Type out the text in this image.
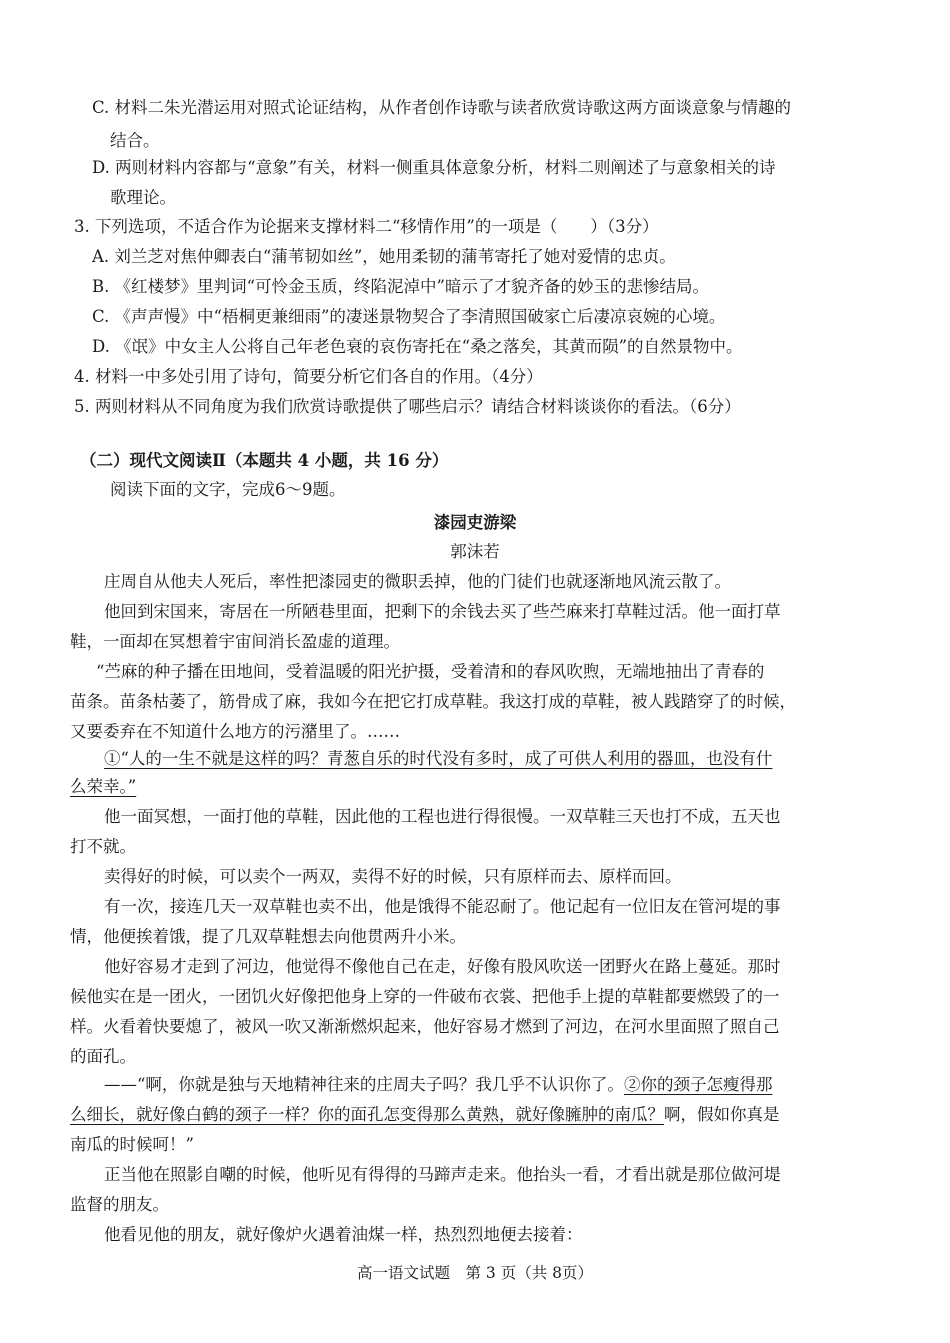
C. 材料二朱光潜运用对照式论证结构，从作者创作诗歌与读者欣赏诗歌这两方面谈意象与情趣的
结合。
D. 两则材料内容都与“意象”有关，材料一侧重具体意象分析，材料二则阐述了与意象相关的诗
歌理论。
3. 下列选项，不适合作为论据来支撑材料二“移情作用”的一项是（　　）（3分）
A. 刘兰芝对焦仲卿表白“蒲苇韧如丝”，她用柔韧的蒲苇寄托了她对爱情的忠贞。
B. 《红楼梦》里判词“可怜金玉质，终陷泥淖中”暗示了才貌齐备的妙玉的悲惨结局。
C. 《声声慢》中“梧桐更兼细雨”的凄迷景物契合了李清照国破家亡后凄凉哀婉的心境。
D. 《氓》中女主人公将自己年老色衰的哀伤寄托在“桑之落矣，其黄而陨”的自然景物中。
4. 材料一中多处引用了诗句，简要分析它们各自的作用。（4分）
5. 两则材料从不同角度为我们欣赏诗歌提供了哪些启示？请结合材料谈谈你的看法。（6分）
（二）现代文阅读Ⅱ（本题共 4 小题，共 16 分）
阅读下面的文字，完成6～9题。
漆园吏游梁
郭沫若
庄周自从他夫人死后，率性把漆园吏的微职丢掉，他的门徒们也就逐渐地风流云散了。
他回到宋国来，寄居在一所陋巷里面，把剩下的余钱去买了些苎麻来打草鞋过活。他一面打草
鞋，一面却在冥想着宇宙间消长盈虚的道理。
“苎麻的种子播在田地间，受着温暖的阳光护摄，受着清和的春风吹煦，无端地抽出了青春的
苗条。苗条枯萎了，筋骨成了麻，我如今在把它打成草鞋。我这打成的草鞋，被人践踏穿了的时候，
又要委弃在不知道什么地方的污潴里了。……
①“人的一生不就是这样的吗？青葱自乐的时代没有多时，成了可供人利用的器皿，也没有什
么荣幸。”
他一面冥想，一面打他的草鞋，因此他的工程也进行得很慢。一双草鞋三天也打不成，五天也
打不就。
卖得好的时候，可以卖个一两双，卖得不好的时候，只有原样而去、原样而回。
有一次，接连几天一双草鞋也卖不出，他是饿得不能忍耐了。他记起有一位旧友在管河堤的事
情，他便挨着饿，提了几双草鞋想去向他贯两升小米。
他好容易才走到了河边，他觉得不像他自己在走，好像有股风吹送一团野火在路上蔓延。那时
候他实在是一团火，一团饥火好像把他身上穿的一件破布衣裳、把他手上提的草鞋都要燃毁了的一
样。火看着快要熄了，被风一吹又渐渐燃炽起来，他好容易才燃到了河边，在河水里面照了照自己
的面孔。
——“啊，你就是独与天地精神往来的庄周夫子吗？我几乎不认识你了。②你的颈子怎瘦得那
么细长，就好像白鹤的颈子一样？你的面孔怎变得那么黄熟，就好像臃肿的南瓜？啊，假如你真是
南瓜的时候呵！”
正当他在照影自嘲的时候，他听见有得得的马蹄声走来。他抬头一看，才看出就是那位做河堤
监督的朋友。
他看见他的朋友，就好像炉火遇着油煤一样，热烈烈地便去接着：
高一语文试题　第 3 页（共 8页）
